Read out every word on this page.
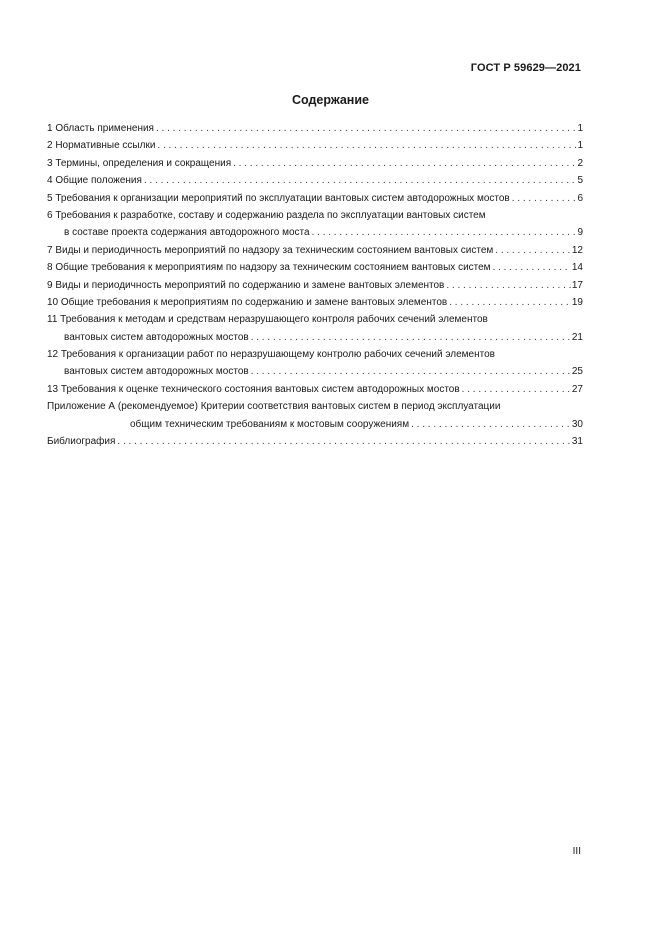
ГОСТ Р 59629—2021
Содержание
1 Область применения . . .	1
2 Нормативные ссылки . . .	1
3 Термины, определения и сокращения . . .	2
4 Общие положения . . .	5
5 Требования к организации мероприятий по эксплуатации вантовых систем автодорожных мостов . . .	6
6 Требования к разработке, составу и содержанию раздела по эксплуатации вантовых систем
в составе проекта содержания автодорожного моста . . .	9
7 Виды и периодичность мероприятий по надзору за техническим состоянием вантовых систем . . .	12
8 Общие требования к мероприятиям по надзору за техническим состоянием вантовых систем . . .	14
9 Виды и периодичность мероприятий по содержанию и замене вантовых элементов . . .	17
10 Общие требования к мероприятиям по содержанию и замене вантовых элементов . . .	19
11 Требования к методам и средствам неразрушающего контроля рабочих сечений элементов
вантовых систем автодорожных мостов . . .	21
12 Требования к организации работ по неразрушающему контролю рабочих сечений элементов
вантовых систем автодорожных мостов . . .	25
13 Требования к оценке технического состояния вантовых систем автодорожных мостов . . .	27
Приложение А (рекомендуемое) Критерии соответствия вантовых систем в период эксплуатации
общим техническим требованиям к мостовым сооружениям . . .	30
Библиография . . .	31
III
